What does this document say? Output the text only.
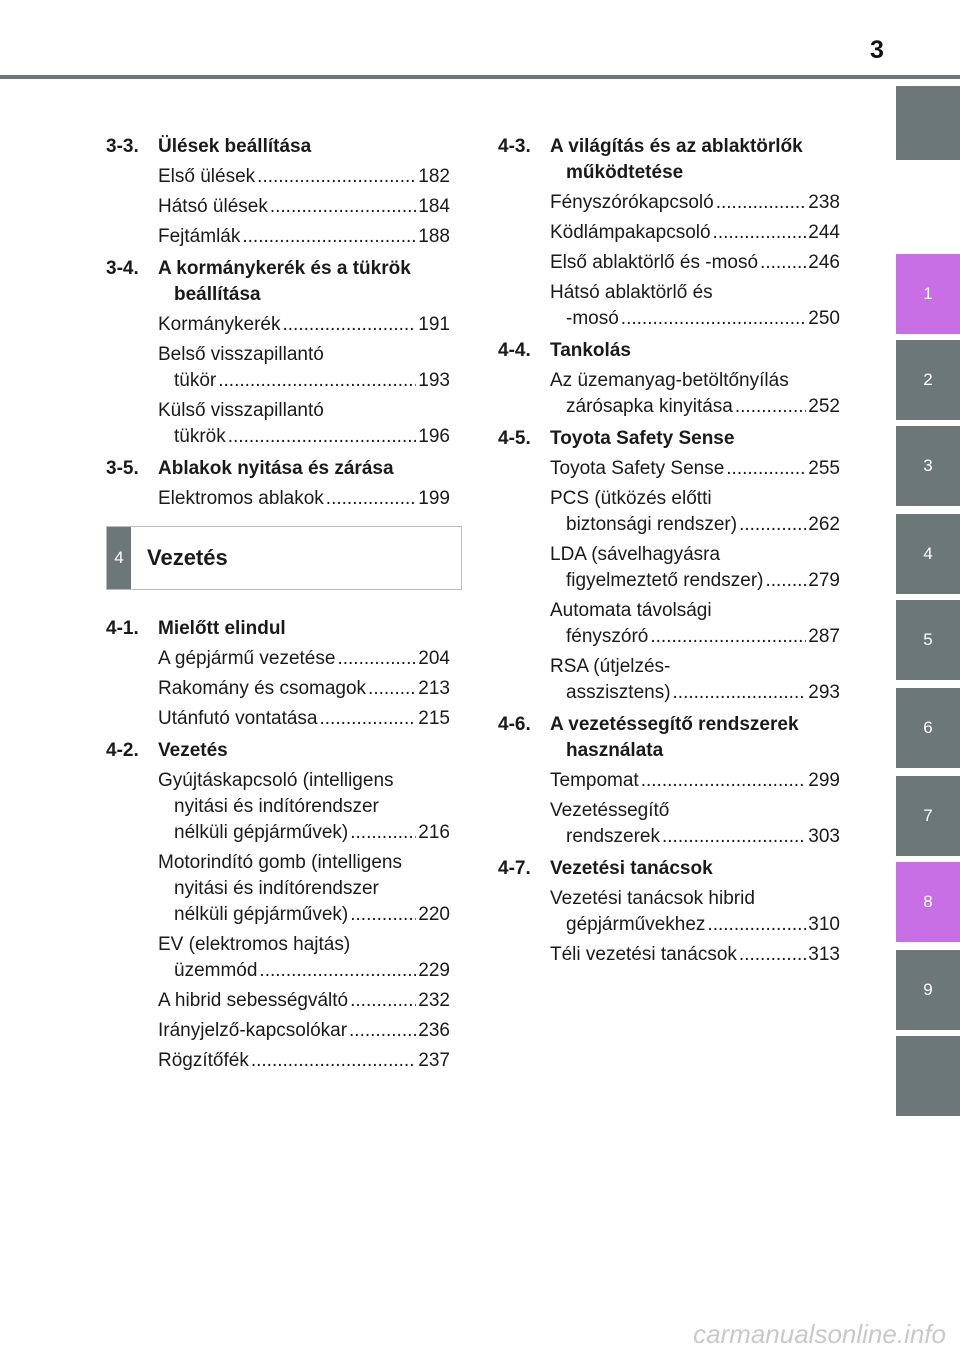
3
1
2
3
4
5
6
7
8
9
3-3. Ülések beállítása
Első ülések .....	182
Hátsó ülések .....	184
Fejtámlák .....	188
3-4. A kormánykerék és a tükrök
beállítása
Kormánykerék .....	191
Belső visszapillantó
tükör .....	193
Külső visszapillantó
tükrök .....	196
3-5. Ablakok nyitása és zárása
Elektromos ablakok .....	199
4	Vezetés
4-1. Mielőtt elindul
A gépjármű vezetése .....	204
Rakomány és csomagok .....	213
Utánfutó vontatása .....	215
4-2. Vezetés
Gyújtáskapcsoló (intelligens
nyitási és indítórendszer
nélküli gépjárművek) .....	216
Motorindító gomb (intelligens
nyitási és indítórendszer
nélküli gépjárművek) .....	220
EV (elektromos hajtás)
üzemmód .....	229
A hibrid sebességváltó .....	232
Irányjelző-kapcsolókar .....	236
Rögzítőfék .....	237
4-3. A világítás és az ablaktörlők
működtetése
Fényszórókapcsoló .....	238
Ködlámpakapcsoló .....	244
Első ablaktörlő és -mosó .....	246
Hátsó ablaktörlő és
-mosó .....	250
4-4. Tankolás
Az üzemanyag-betöltőnyílás
zárósapka kinyitása .....	252
4-5. Toyota Safety Sense
Toyota Safety Sense .....	255
PCS (ütközés előtti
biztonsági rendszer) .....	262
LDA (sávelhagyásra
figyelmeztető rendszer) ..... 279
Automata távolsági
fényszóró .....	287
RSA (útjelzés-
asszisztens) .....	293
4-6. A vezetéssegítő rendszerek
használata
Tempomat .....	299
Vezetéssegítő
rendszerek .....	303
4-7. Vezetési tanácsok
Vezetési tanácsok hibrid
gépjárművekhez .....	310
Téli vezetési tanácsok .....	313
carmanualsonline.info
